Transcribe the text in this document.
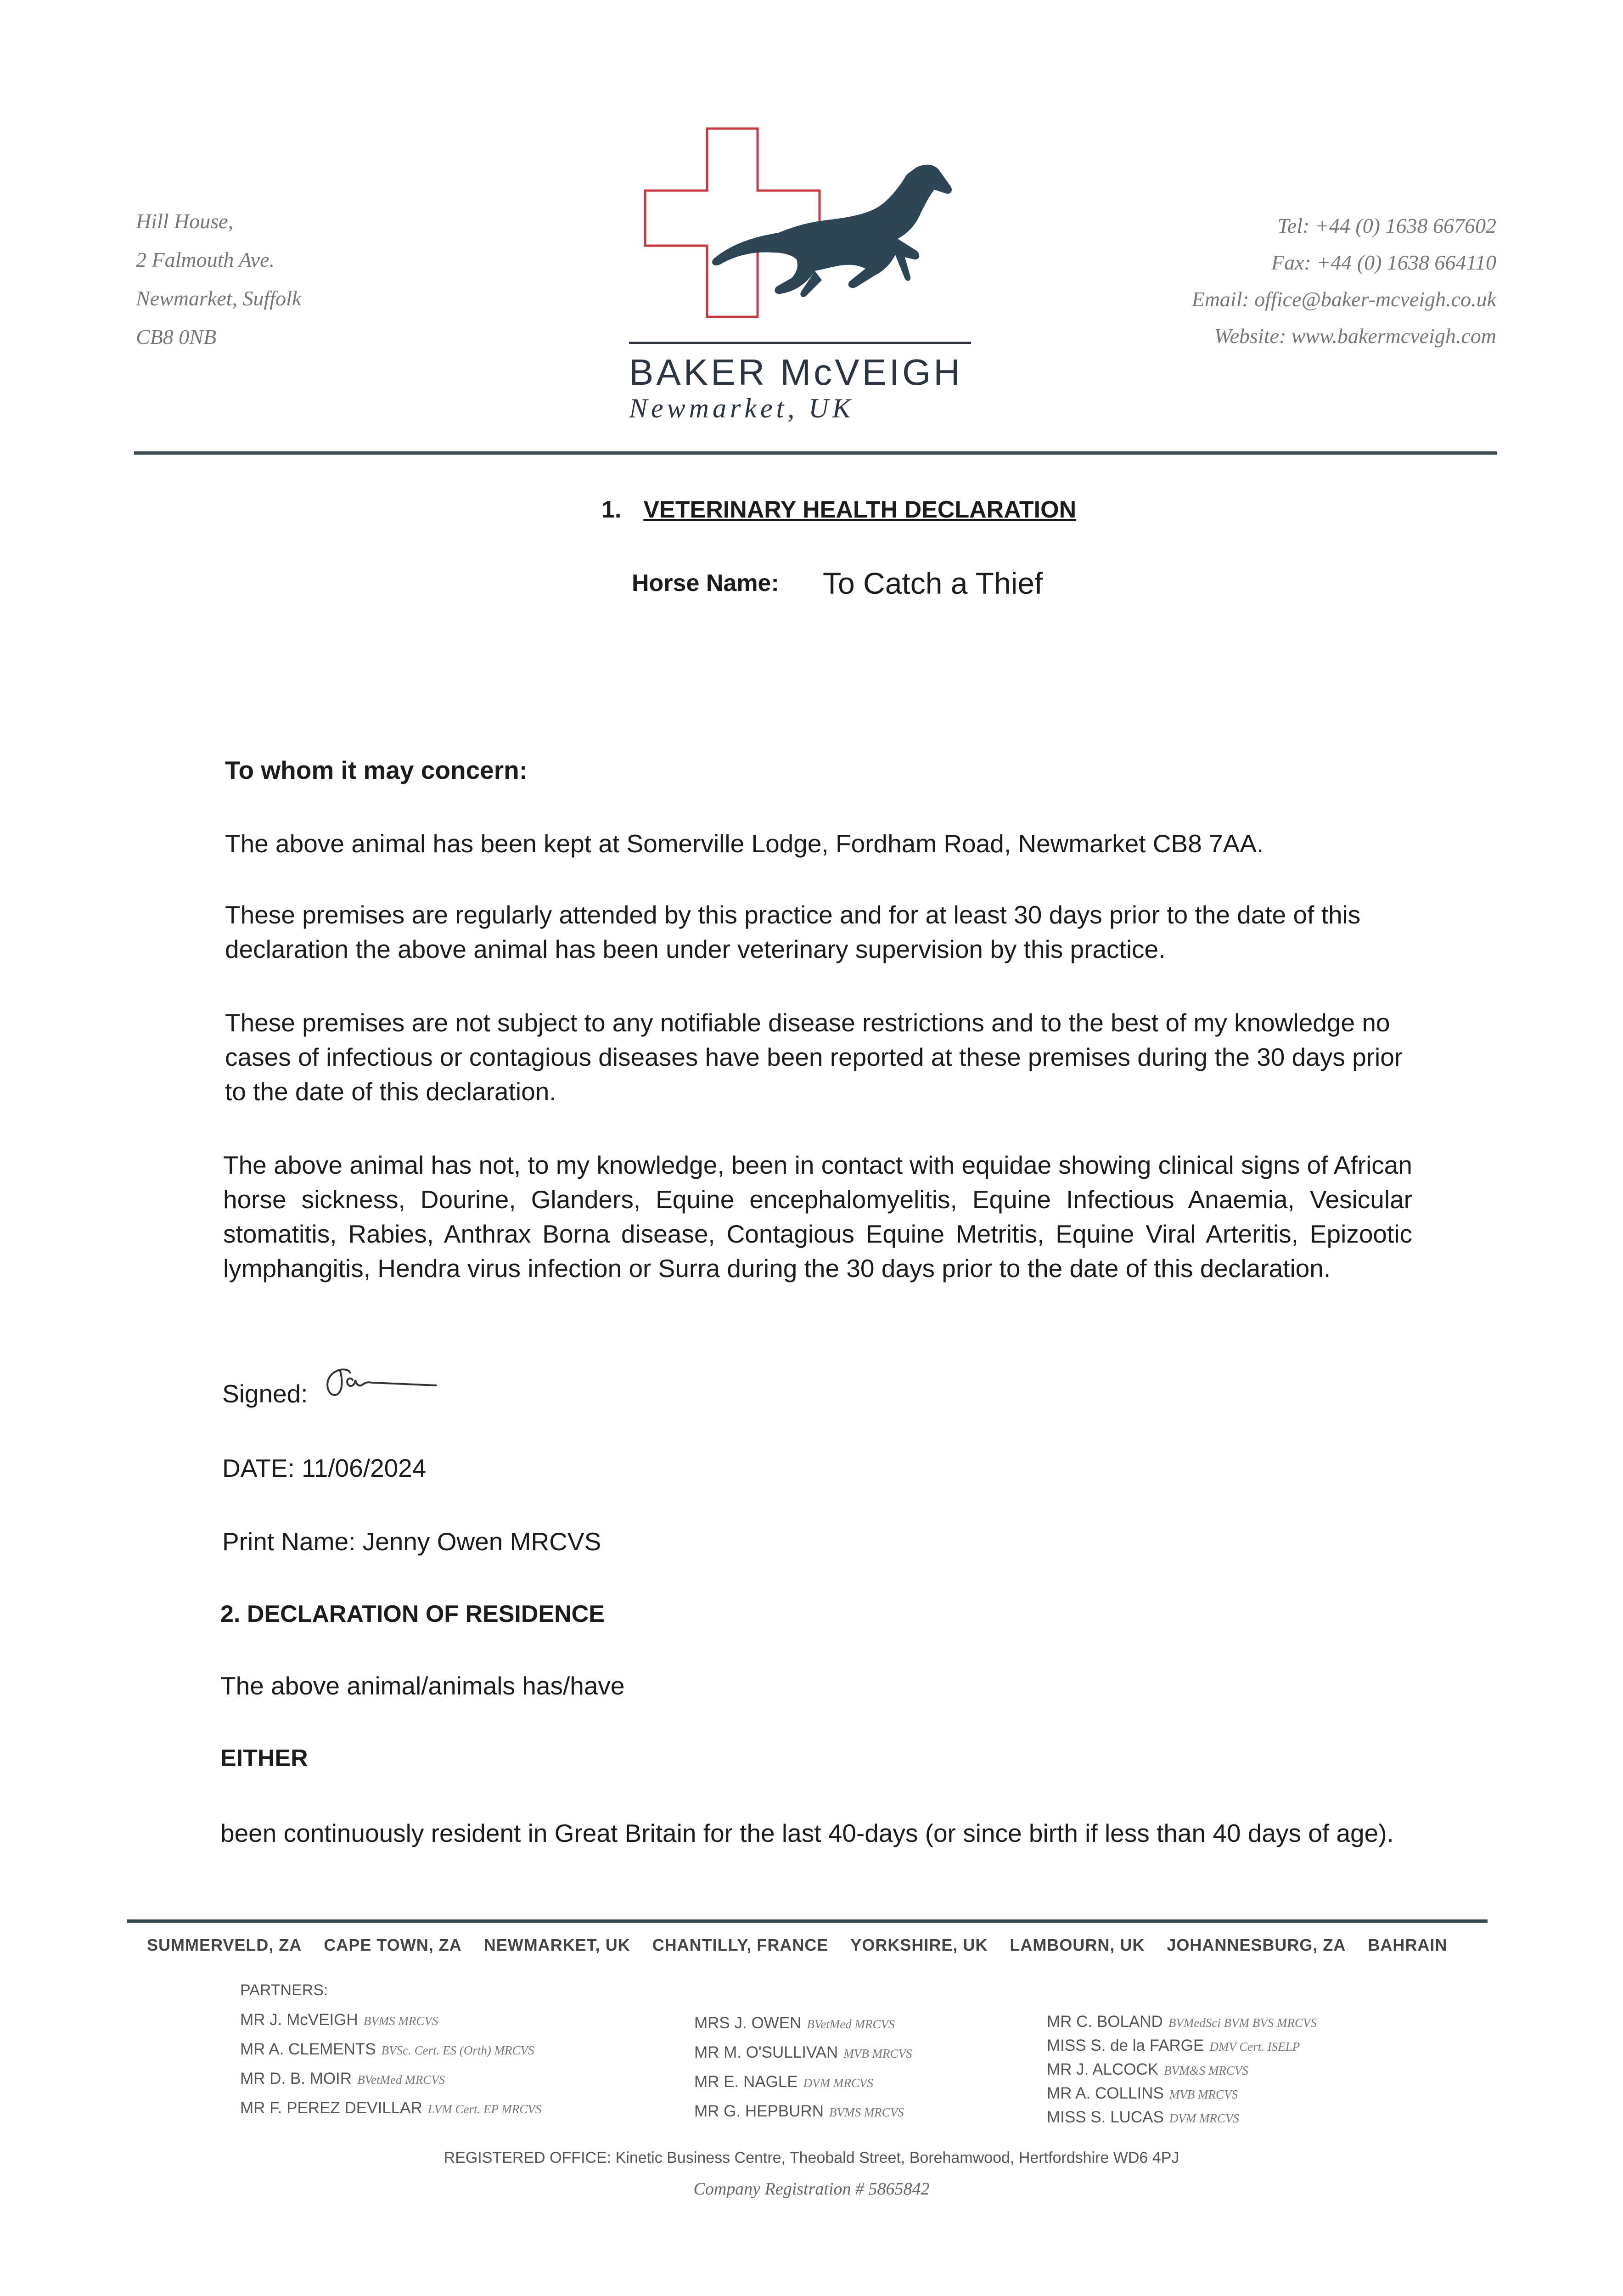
Hill House,
2 Falmouth Ave.
Newmarket, Suffolk
CB8 0NB
BAKER McVEIGH
Newmarket, UK
Tel: +44 (0) 1638 667602
Fax: +44 (0) 1638 664110
Email: office@baker-mcveigh.co.uk
Website: www.bakermcveigh.com
1. VETERINARY HEALTH DECLARATION
Horse Name: To Catch a Thief
To whom it may concern:
The above animal has been kept at Somerville Lodge, Fordham Road, Newmarket CB8 7AA.
These premises are regularly attended by this practice and for at least 30 days prior to the date of this declaration the above animal has been under veterinary supervision by this practice.
These premises are not subject to any notifiable disease restrictions and to the best of my knowledge no cases of infectious or contagious diseases have been reported at these premises during the 30 days prior to the date of this declaration.
The above animal has not, to my knowledge, been in contact with equidae showing clinical signs of African horse sickness, Dourine, Glanders, Equine encephalomyelitis, Equine Infectious Anaemia, Vesicular stomatitis, Rabies, Anthrax Borna disease, Contagious Equine Metritis, Equine Viral Arteritis, Epizootic lymphangitis, Hendra virus infection or Surra during the 30 days prior to the date of this declaration.
Signed:
DATE: 11/06/2024
Print Name: Jenny Owen MRCVS
2. DECLARATION OF RESIDENCE
The above animal/animals has/have
EITHER
been continuously resident in Great Britain for the last 40-days (or since birth if less than 40 days of age).
SUMMERVELD, ZA CAPE TOWN, ZA NEWMARKET, UK CHANTILLY, FRANCE YORKSHIRE, UK LAMBOURN, UK JOHANNESBURG, ZA BAHRAIN
PARTNERS:
MR J. McVEIGH BVMS MRCVS
MR A. CLEMENTS BVSc. Cert. ES (Orth) MRCVS
MR D. B. MOIR BVetMed MRCVS
MR F. PEREZ DEVILLAR LVM Cert. EP MRCVS
MRS J. OWEN BVetMed MRCVS
MR M. O'SULLIVAN MVB MRCVS
MR E. NAGLE DVM MRCVS
MR G. HEPBURN BVMS MRCVS
MR C. BOLAND BVMedSci BVM BVS MRCVS
MISS S. de la FARGE DMV Cert. ISELP
MR J. ALCOCK BVM&S MRCVS
MR A. COLLINS MVB MRCVS
MISS S. LUCAS DVM MRCVS
REGISTERED OFFICE: Kinetic Business Centre, Theobald Street, Borehamwood, Hertfordshire WD6 4PJ
Company Registration # 5865842
